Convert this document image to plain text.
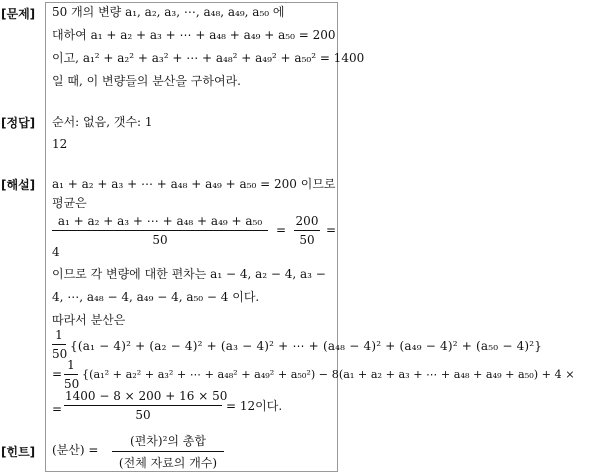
[문제]
[정답]
[해설]
[힌트]
50 개의 변량 a₁, a₂, a₃, ⋯, a₄₈, a₄₉, a₅₀ 에
대하여 a₁ + a₂ + a₃ + ⋯ + a₄₈ + a₄₉ + a₅₀ = 200
이고, a₁² + a₂² + a₃² + ⋯ + a₄₈² + a₄₉² + a₅₀² = 1400
일 때, 이 변량들의 분산을 구하여라.
순서: 없음, 갯수: 1
12
a₁ + a₂ + a₃ + ⋯ + a₄₈ + a₄₉ + a₅₀ = 200 이므로
평균은
a₁ + a₂ + a₃ + ⋯ + a₄₈ + a₄₉ + a₅₀
50
=
200
50
=
4
이므로 각 변량에 대한 편차는 a₁ − 4, a₂ − 4, a₃ −
4, ⋯, a₄₈ − 4, a₄₉ − 4, a₅₀ − 4 이다.
따라서 분산은
1
50
{(a₁ − 4)² + (a₂ − 4)² + (a₃ − 4)² + ⋯ + (a₄₈ − 4)² + (a₄₉ − 4)² + (a₅₀ − 4)²}
=
1
50
{(a₁² + a₂² + a₃² + ⋯ + a₄₈² + a₄₉² + a₅₀²) − 8(a₁ + a₂ + a₃ + ⋯ + a₄₈ + a₄₉ + a₅₀) + 4 ×
=
1400 − 8 × 200 + 16 × 50
50
= 12이다.
(분산) =
(편차)²의 총합
(전체 자료의 개수)
